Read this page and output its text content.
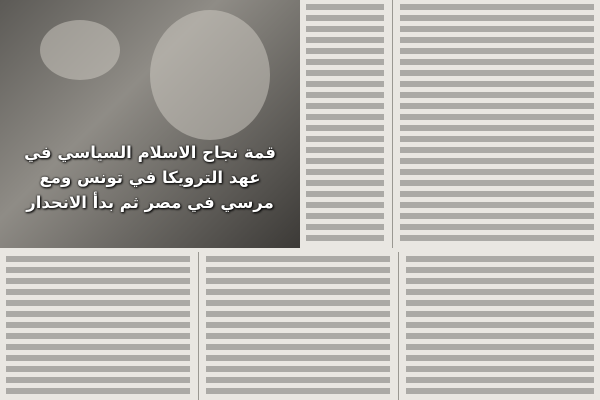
قمة نجاح الاسلام السياسي في
عهد الترويكا في تونس ومع
مرسي في مصر ثم بدأ الانحدار
